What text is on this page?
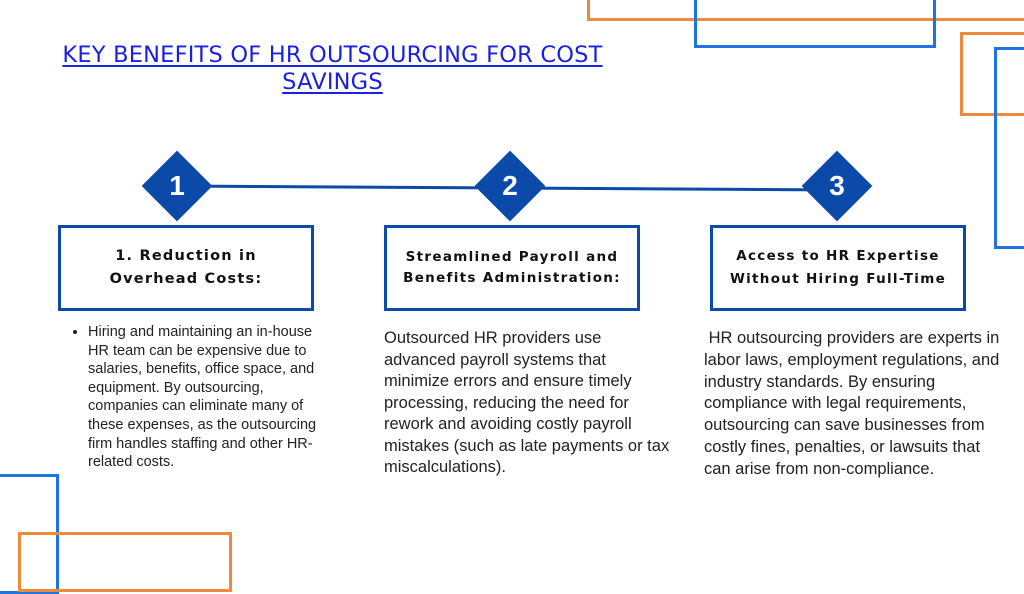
KEY BENEFITS OF HR OUTSOURCING FOR COST SAVINGS
1
1. Reduction in Overhead Costs:
• Hiring and maintaining an in-house HR team can be expensive due to salaries, benefits, office space, and equipment. By outsourcing, companies can eliminate many of these expenses, as the outsourcing firm handles staffing and other HR-related costs.
2
Streamlined Payroll and Benefits Administration:
Outsourced HR providers use advanced payroll systems that minimize errors and ensure timely processing, reducing the need for rework and avoiding costly payroll mistakes (such as late payments or tax miscalculations).
3
Access to HR Expertise Without Hiring Full-Time
HR outsourcing providers are experts in labor laws, employment regulations, and industry standards. By ensuring compliance with legal requirements, outsourcing can save businesses from costly fines, penalties, or lawsuits that can arise from non-compliance.
